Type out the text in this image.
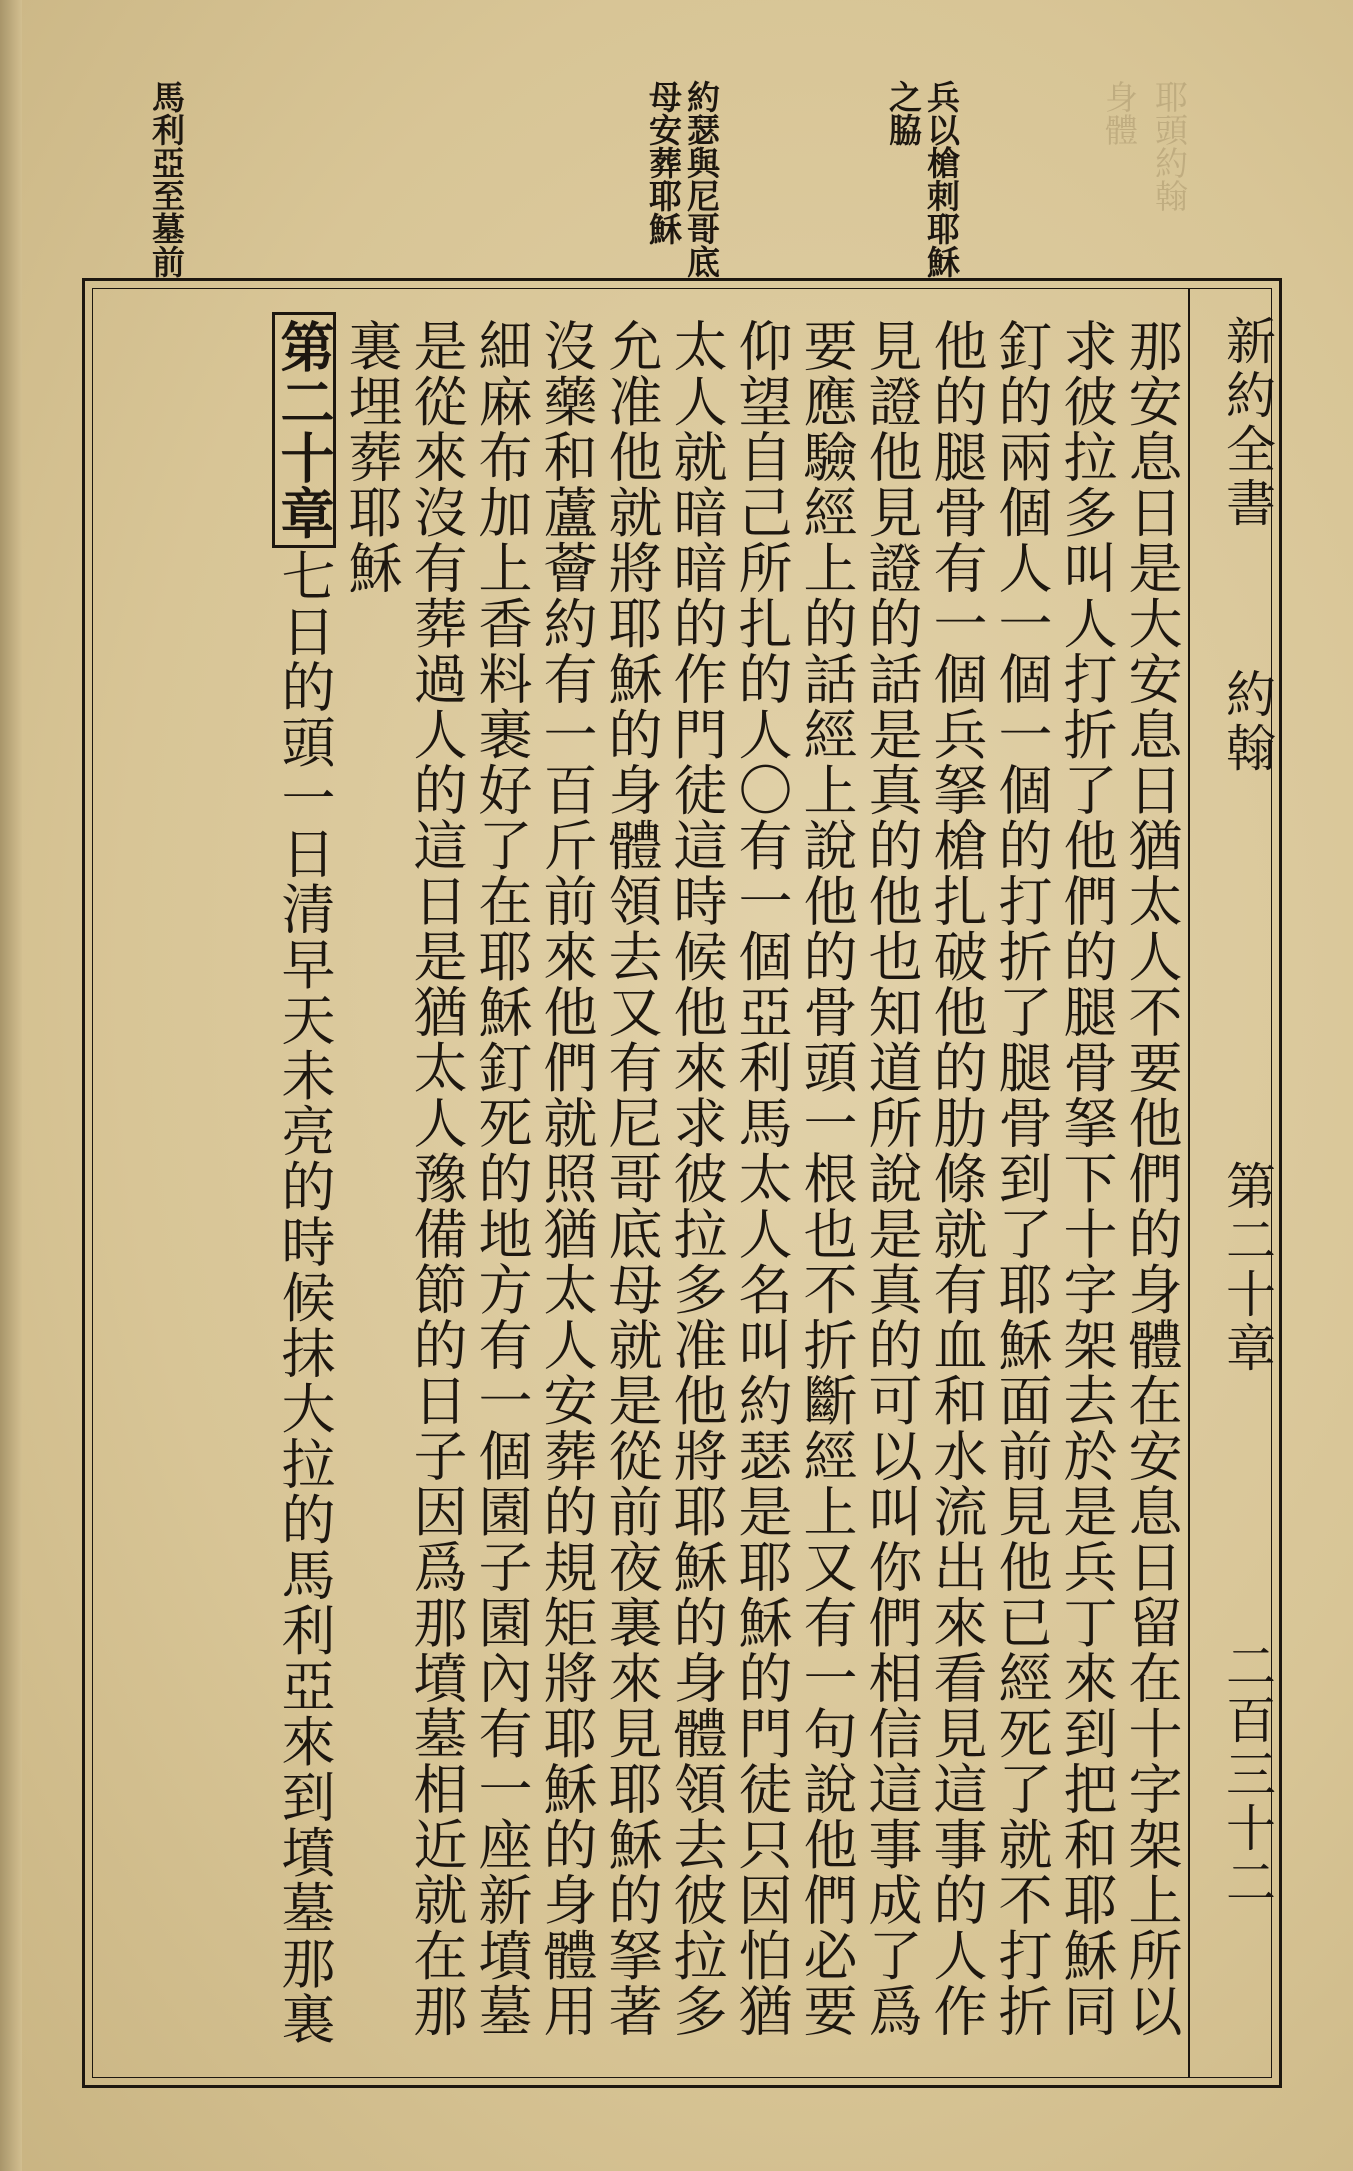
耶頭約翰
身體
兵以槍刺耶穌之脇
約瑟與尼哥底母安葬耶穌
馬利亞至墓前
新約全書
約翰
第二十章
二百三十二
那安息日是大安息日猶太人不要他們的身體在安息日留在十字架上所以
求彼拉多叫人打折了他們的腿骨拏下十字架去於是兵丁來到把和耶穌同
釘的兩個人一個一個的打折了腿骨到了耶穌面前見他已經死了就不打折
他的腿骨有一個兵拏槍扎破他的肋條就有血和水流出來看見這事的人作
見證他見證的話是真的他也知道所說是真的可以叫你們相信這事成了爲
要應驗經上的話經上說他的骨頭一根也不折斷經上又有一句說他們必要
仰望自己所扎的人〇有一個亞利馬太人名叫約瑟是耶穌的門徒只因怕猶
太人就暗暗的作門徒這時候他來求彼拉多准他將耶穌的身體領去彼拉多
允准他就將耶穌的身體領去又有尼哥底母就是從前夜裏來見耶穌的拏著
沒藥和蘆薈約有一百斤前來他們就照猶太人安葬的規矩將耶穌的身體用
細麻布加上香料裹好了在耶穌釘死的地方有一個園子園內有一座新墳墓
是從來沒有葬過人的這日是猶太人豫備節的日子因爲那墳墓相近就在那
裏埋葬耶穌
第二十章七日的頭一日清早天未亮的時候抹大拉的馬利亞來到墳墓那裏
